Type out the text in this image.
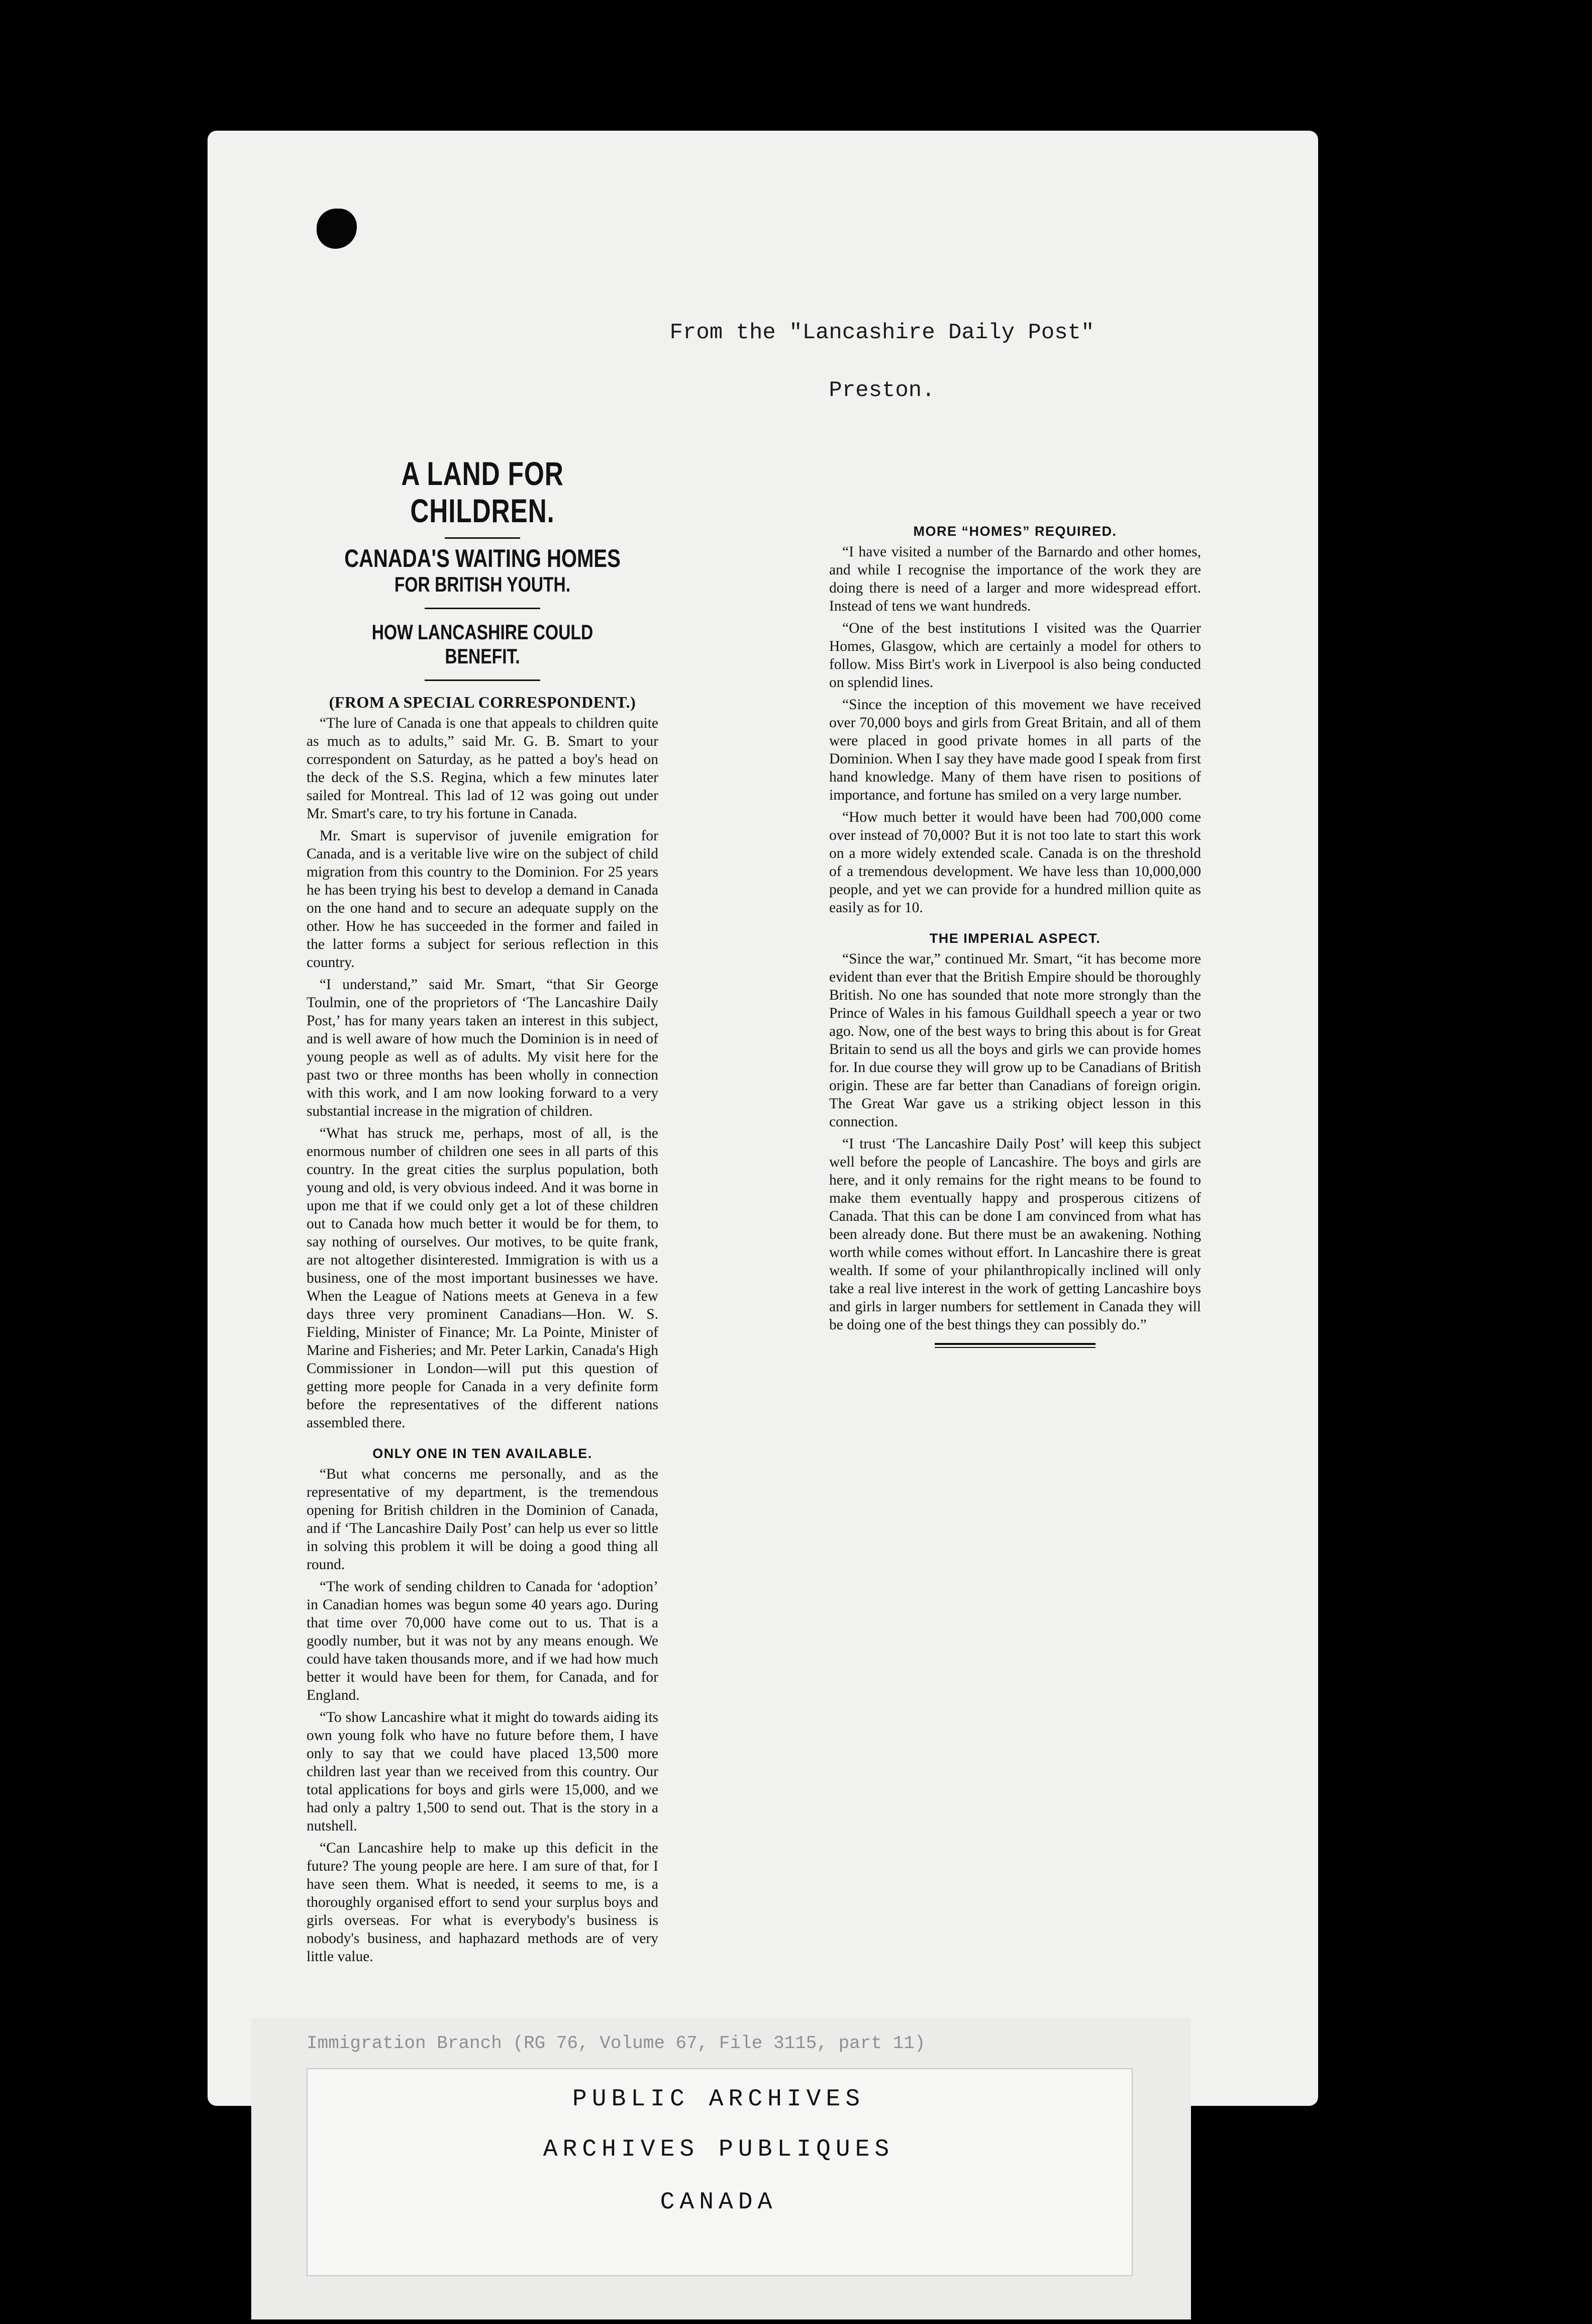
From the "Lancashire Daily Post"

Preston.

A LAND FOR CHILDREN.
CANADA'S WAITING HOMES
FOR BRITISH YOUTH.
HOW LANCASHIRE COULD BENEFIT.
(FROM A SPECIAL CORRESPONDENT.)

“The lure of Canada is one that appeals to children quite as much as to adults,” said Mr. G. B. Smart to your correspondent on Saturday, as he patted a boy's head on the deck of the S.S. Regina, which a few minutes later sailed for Montreal. This lad of 12 was going out under Mr. Smart's care, to try his fortune in Canada.

Mr. Smart is supervisor of juvenile emigration for Canada, and is a veritable live wire on the subject of child migration from this country to the Dominion. For 25 years he has been trying his best to develop a demand in Canada on the one hand and to secure an adequate supply on the other. How he has succeeded in the former and failed in the latter forms a subject for serious reflection in this country.

“I understand,” said Mr. Smart, “that Sir George Toulmin, one of the proprietors of ‘The Lancashire Daily Post,’ has for many years taken an interest in this subject, and is well aware of how much the Dominion is in need of young people as well as of adults. My visit here for the past two or three months has been wholly in connection with this work, and I am now looking forward to a very substantial increase in the migration of children.

“What has struck me, perhaps, most of all, is the enormous number of children one sees in all parts of this country. In the great cities the surplus population, both young and old, is very obvious indeed. And it was borne in upon me that if we could only get a lot of these children out to Canada how much better it would be for them, to say nothing of ourselves. Our motives, to be quite frank, are not altogether disinterested. Immigration is with us a business, one of the most important businesses we have. When the League of Nations meets at Geneva in a few days three very prominent Canadians—Hon. W. S. Fielding, Minister of Finance; Mr. La Pointe, Minister of Marine and Fisheries; and Mr. Peter Larkin, Canada's High Commissioner in London—will put this question of getting more people for Canada in a very definite form before the representatives of the different nations assembled there.

ONLY ONE IN TEN AVAILABLE.

“But what concerns me personally, and as the representative of my department, is the tremendous opening for British children in the Dominion of Canada, and if ‘The Lancashire Daily Post’ can help us ever so little in solving this problem it will be doing a good thing all round.

“The work of sending children to Canada for ‘adoption’ in Canadian homes was begun some 40 years ago. During that time over 70,000 have come out to us. That is a goodly number, but it was not by any means enough. We could have taken thousands more, and if we had how much better it would have been for them, for Canada, and for England.

“To show Lancashire what it might do towards aiding its own young folk who have no future before them, I have only to say that we could have placed 13,500 more children last year than we received from this country. Our total applications for boys and girls were 15,000, and we had only a paltry 1,500 to send out. That is the story in a nutshell.

“Can Lancashire help to make up this deficit in the future? The young people are here. I am sure of that, for I have seen them. What is needed, it seems to me, is a thoroughly organised effort to send your surplus boys and girls overseas. For what is everybody's business is nobody's business, and haphazard methods are of very little value.

MORE “HOMES” REQUIRED.

“I have visited a number of the Barnardo and other homes, and while I recognise the importance of the work they are doing there is need of a larger and more widespread effort. Instead of tens we want hundreds.

“One of the best institutions I visited was the Quarrier Homes, Glasgow, which are certainly a model for others to follow. Miss Birt's work in Liverpool is also being conducted on splendid lines.

“Since the inception of this movement we have received over 70,000 boys and girls from Great Britain, and all of them were placed in good private homes in all parts of the Dominion. When I say they have made good I speak from first hand knowledge. Many of them have risen to positions of importance, and fortune has smiled on a very large number.

“How much better it would have been had 700,000 come over instead of 70,000? But it is not too late to start this work on a more widely extended scale. Canada is on the threshold of a tremendous development. We have less than 10,000,000 people, and yet we can provide for a hundred million quite as easily as for 10.

THE IMPERIAL ASPECT.

“Since the war,” continued Mr. Smart, “it has become more evident than ever that the British Empire should be thoroughly British. No one has sounded that note more strongly than the Prince of Wales in his famous Guildhall speech a year or two ago. Now, one of the best ways to bring this about is for Great Britain to send us all the boys and girls we can provide homes for. In due course they will grow up to be Canadians of British origin. These are far better than Canadians of foreign origin. The Great War gave us a striking object lesson in this connection.

“I trust ‘The Lancashire Daily Post’ will keep this subject well before the people of Lancashire. The boys and girls are here, and it only remains for the right means to be found to make them eventually happy and prosperous citizens of Canada. That this can be done I am convinced from what has been already done. But there must be an awakening. Nothing worth while comes without effort. In Lancashire there is great wealth. If some of your philanthropically inclined will only take a real live interest in the work of getting Lancashire boys and girls in larger numbers for settlement in Canada they will be doing one of the best things they can possibly do.”

Immigration Branch (RG 76, Volume 67, File 3115, part 11)
PUBLIC ARCHIVES
ARCHIVES PUBLIQUES
CANADA
